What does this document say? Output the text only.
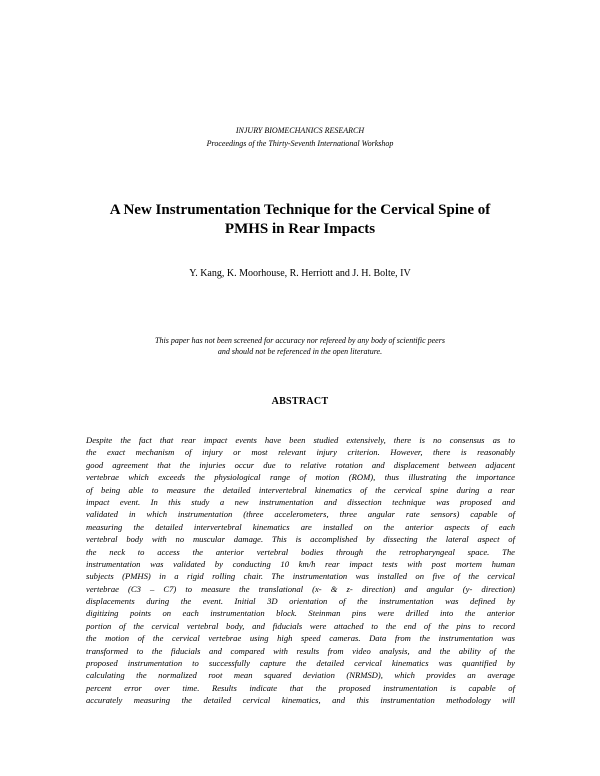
INJURY BIOMECHANICS RESEARCH
Proceedings of the Thirty-Seventh International Workshop
A New Instrumentation Technique for the Cervical Spine of
PMHS in Rear Impacts
Y. Kang, K. Moorhouse, R. Herriott and J. H. Bolte, IV
This paper has not been screened for accuracy nor refereed by any body of scientific peers
and should not be referenced in the open literature.
ABSTRACT
Despite the fact that rear impact events have been studied extensively, there is no consensus as to
the exact mechanism of injury or most relevant injury criterion. However, there is reasonably
good agreement that the injuries occur due to relative rotation and displacement between adjacent
vertebrae which exceeds the physiological range of motion (ROM), thus illustrating the importance
of being able to measure the detailed intervertebral kinematics of the cervical spine during a rear
impact event. In this study a new instrumentation and dissection technique was proposed and
validated in which instrumentation (three accelerometers, three angular rate sensors) capable of
measuring the detailed intervertebral kinematics are installed on the anterior aspects of each
vertebral body with no muscular damage. This is accomplished by dissecting the lateral aspect of
the neck to access the anterior vertebral bodies through the retropharyngeal space. The
instrumentation was validated by conducting 10 km/h rear impact tests with post mortem human
subjects (PMHS) in a rigid rolling chair. The instrumentation was installed on five of the cervical
vertebrae (C3 – C7) to measure the translational (x- & z- direction) and angular (y- direction)
displacements during the event. Initial 3D orientation of the instrumentation was defined by
digitizing points on each instrumentation block. Steinman pins were drilled into the anterior
portion of the cervical vertebral body, and fiducials were attached to the end of the pins to record
the motion of the cervical vertebrae using high speed cameras. Data from the instrumentation was
transformed to the fiducials and compared with results from video analysis, and the ability of the
proposed instrumentation to successfully capture the detailed cervical kinematics was quantified by
calculating the normalized root mean squared deviation (NRMSD), which provides an average
percent error over time. Results indicate that the proposed instrumentation is capable of
accurately measuring the detailed cervical kinematics, and this instrumentation methodology will
